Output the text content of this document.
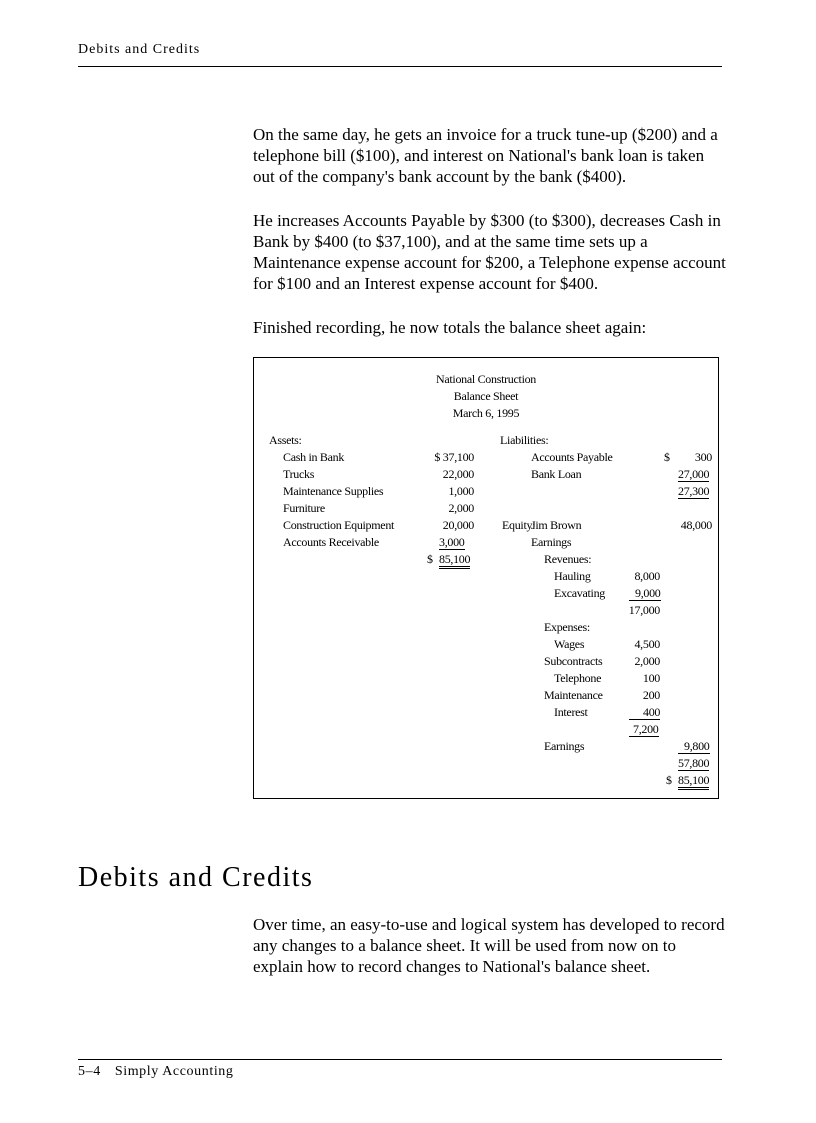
Debits and Credits
On the same day, he gets an invoice for a truck tune-up ($200) and a telephone bill ($100), and interest on National's bank loan is taken out of the company's bank account by the bank ($400).
He increases Accounts Payable by $300 (to $300), decreases Cash in Bank by $400 (to $37,100), and at the same time sets up a Maintenance expense account for $200, a Telephone expense account for $100 and an Interest expense account for $400.
Finished recording, he now totals the balance sheet again:
National Construction
Balance Sheet
March 6, 1995
Assets:
Cash in Bank	$ 37,100
Trucks	22,000
Maintenance Supplies	1,000
Furniture	2,000
Construction Equipment	20,000
Accounts Receivable	3,000
$ 85,100
Liabilities:
Accounts Payable	$	300
Bank Loan	27,000
27,300
Equity:
Jim Brown	48,000
Earnings
Revenues:
Hauling	8,000
Excavating	9,000
17,000
Expenses:
Wages	4,500
Subcontracts	2,000
Telephone	100
Maintenance	200
Interest	400
7,200
Earnings	9,800
57,800
$ 85,100
Debits and Credits
Over time, an easy-to-use and logical system has developed to record any changes to a balance sheet. It will be used from now on to explain how to record changes to National's balance sheet.
5–4 Simply Accounting
